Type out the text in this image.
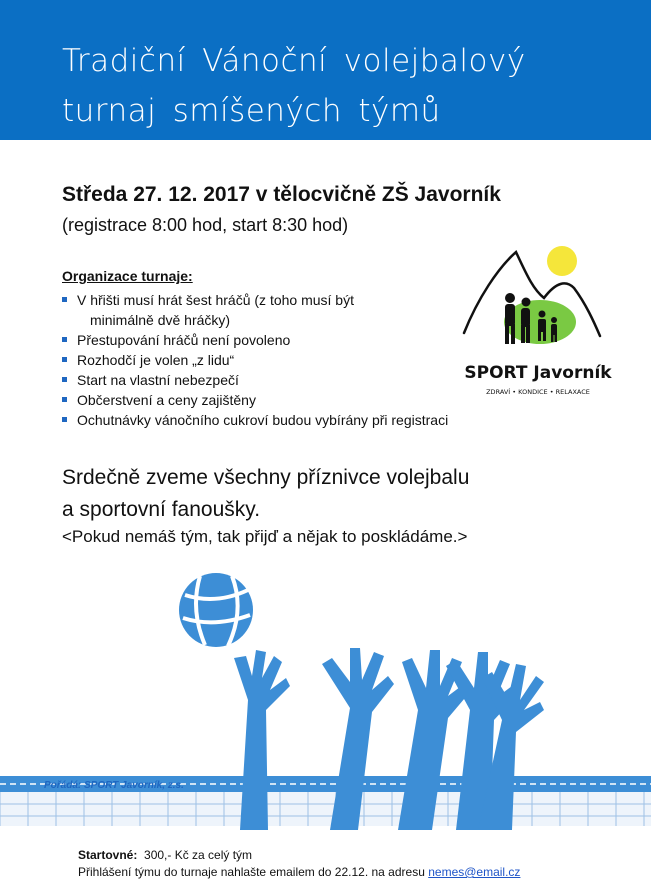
Tradiční Vánoční volejbalový
turnaj smíšených týmů
Středa 27. 12. 2017 v tělocvičně ZŠ Javorník
(registrace 8:00 hod, start 8:30 hod)
Organizace turnaje:
V hřišti musí hrát šest hráčů (z toho musí být
minimálně dvě hráčky)
Přestupování hráčů není povoleno
Rozhodčí je volen „z lidu“
Start na vlastní nebezpečí
Občerstvení a ceny zajištěny
Ochutnávky vánočního cukroví budou vybírány při registraci
SPORT Javorník
ZDRAVÍ • KONDICE • RELAXACE
Srdečně zveme všechny příznivce volejbalu
a sportovní fanoušky.
<Pokud nemáš tým, tak přijď a nějak to poskládáme.>
Pořádá: SPORT Javorník, z.s.
Startovné: 300,- Kč za celý tým
Přihlášení týmu do turnaje nahlašte emailem do 22.12. na adresu nemes@email.cz
